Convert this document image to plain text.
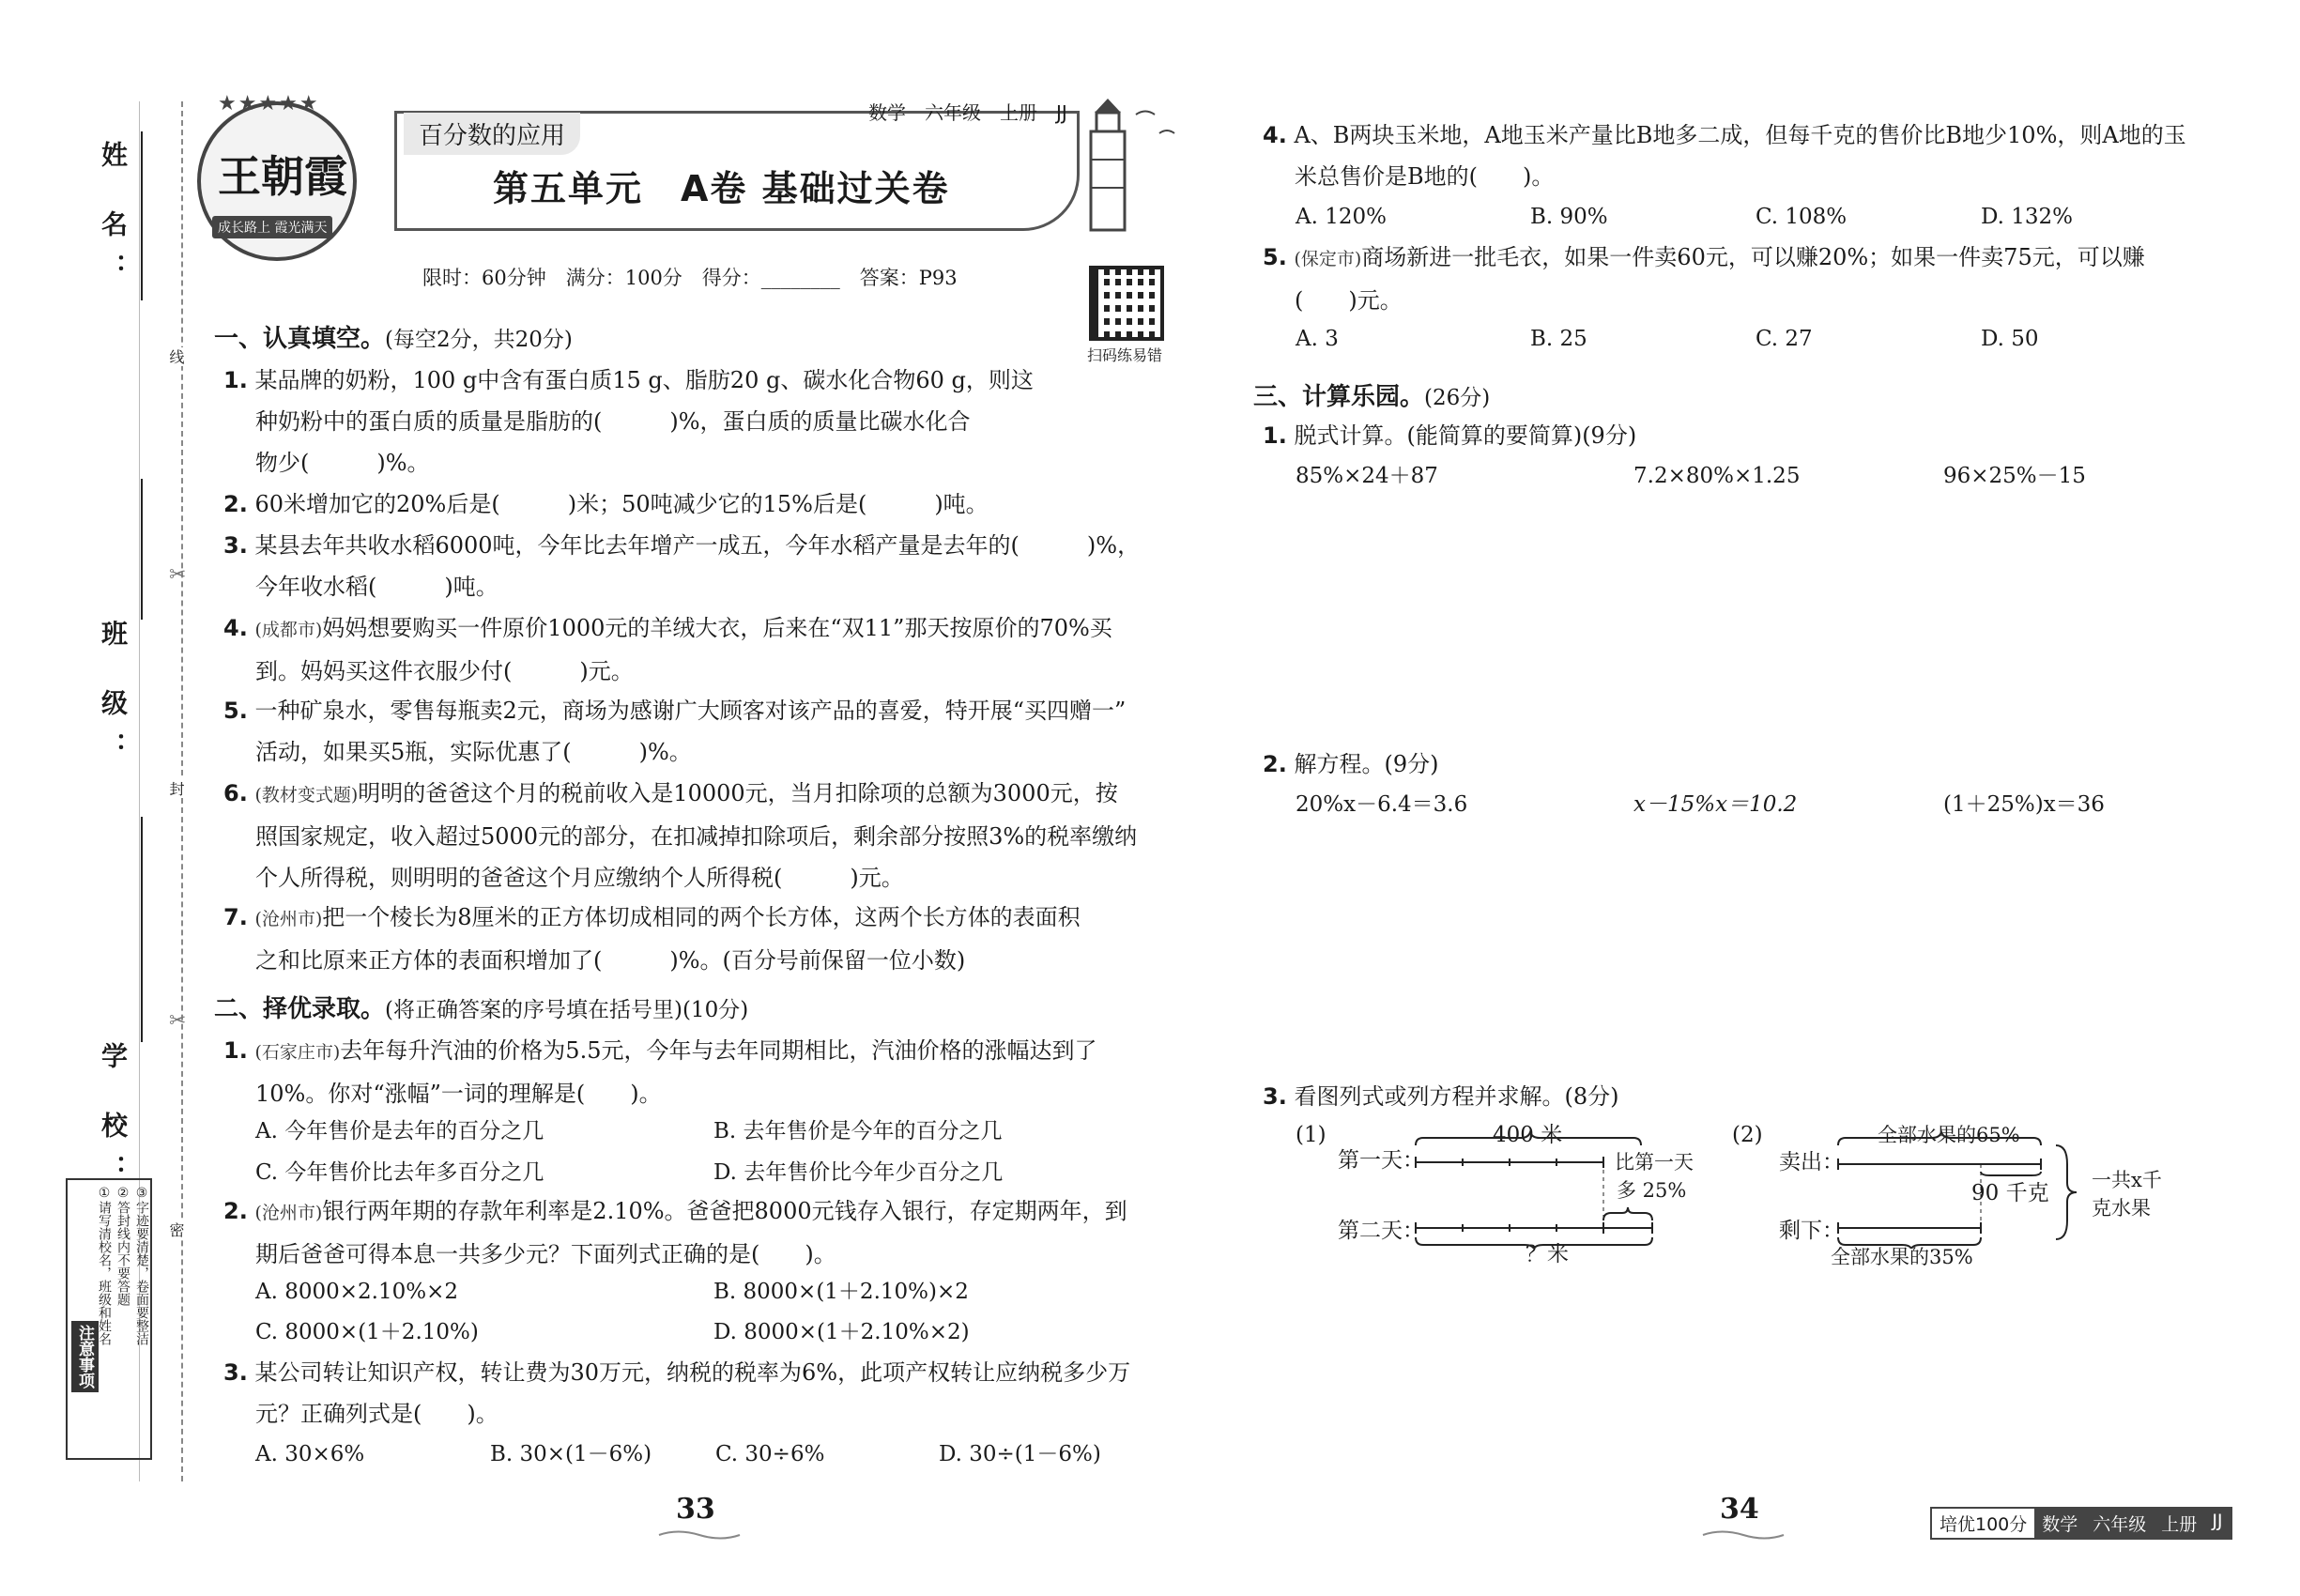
姓 名：
班 级：
学 校：
线
封
密
✂
✂
注意事项
①请写清校名，班级和姓名 ②答封线内不要答题 ③字迹要清楚，卷面要整洁
★★★★★
王朝霞
成长路上 霞光满天
百分数的应用
数学　六年级　上册　JJ
第五单元　A卷 基础过关卷
限时：60分钟　满分：100分　得分：________　答案：P93
扫码练易错
一、认真填空。(每空2分，共20分)
1. 某品牌的奶粉，100 g中含有蛋白质15 g、脂肪20 g、碳水化合物60 g，则这
种奶粉中的蛋白质的质量是脂肪的(　　　)%，蛋白质的质量比碳水化合
物少(　　　)%。
2. 60米增加它的20%后是(　　　)米；50吨减少它的15%后是(　　　)吨。
3. 某县去年共收水稻6000吨，今年比去年增产一成五，今年水稻产量是去年的(　　　)%，
今年收水稻(　　　)吨。
4. (成都市)妈妈想要购买一件原价1000元的羊绒大衣，后来在“双11”那天按原价的70%买
到。妈妈买这件衣服少付(　　　)元。
5. 一种矿泉水，零售每瓶卖2元，商场为感谢广大顾客对该产品的喜爱，特开展“买四赠一”
活动，如果买5瓶，实际优惠了(　　　)%。
6. (教材变式题)明明的爸爸这个月的税前收入是10000元，当月扣除项的总额为3000元，按
照国家规定，收入超过5000元的部分，在扣减掉扣除项后，剩余部分按照3%的税率缴纳
个人所得税，则明明的爸爸这个月应缴纳个人所得税(　　　)元。
7. (沧州市)把一个棱长为8厘米的正方体切成相同的两个长方体，这两个长方体的表面积
之和比原来正方体的表面积增加了(　　　)%。(百分号前保留一位小数)
二、择优录取。(将正确答案的序号填在括号里)(10分)
1. (石家庄市)去年每升汽油的价格为5.5元，今年与去年同期相比，汽油价格的涨幅达到了
10%。你对“涨幅”一词的理解是(　　)。
A. 今年售价是去年的百分之几	B. 去年售价是今年的百分之几
C. 今年售价比去年多百分之几	D. 去年售价比今年少百分之几
2. (沧州市)银行两年期的存款年利率是2.10%。爸爸把8000元钱存入银行，存定期两年，到
期后爸爸可得本息一共多少元？下面列式正确的是(　　)。
A. 8000×2.10%×2	B. 8000×(1＋2.10%)×2
C. 8000×(1＋2.10%)	D. 8000×(1＋2.10%×2)
3. 某公司转让知识产权，转让费为30万元，纳税的税率为6%，此项产权转让应纳税多少万
元？正确列式是(　　)。
A. 30×6%	B. 30×(1－6%)	C. 30÷6%	D. 30÷(1－6%)
4. A、B两块玉米地，A地玉米产量比B地多二成，但每千克的售价比B地少10%，则A地的玉
米总售价是B地的(　　)。
A. 120%	B. 90%	C. 108%	D. 132%
5. (保定市)商场新进一批毛衣，如果一件卖60元，可以赚20%；如果一件卖75元，可以赚
(　　)元。
A. 3	B. 25	C. 27	D. 50
三、计算乐园。(26分)
1. 脱式计算。(能简算的要简算)(9分)
85%×24＋87	7.2×80%×1.25	96×25%－15
2. 解方程。(9分)
20%x－6.4＝3.6	x－15%x＝10.2	(1＋25%)x＝36
3. 看图列式或列方程并求解。(8分)
(1)
第一天：
第二天：
400 米
比第一天
多 25%
？米
(2)
卖出：
剩下：
全部水果的65%
90 千克
全部水果的35%
一共x千
克水果
33	34	培优100分 数学 六年级 上册 JJ
